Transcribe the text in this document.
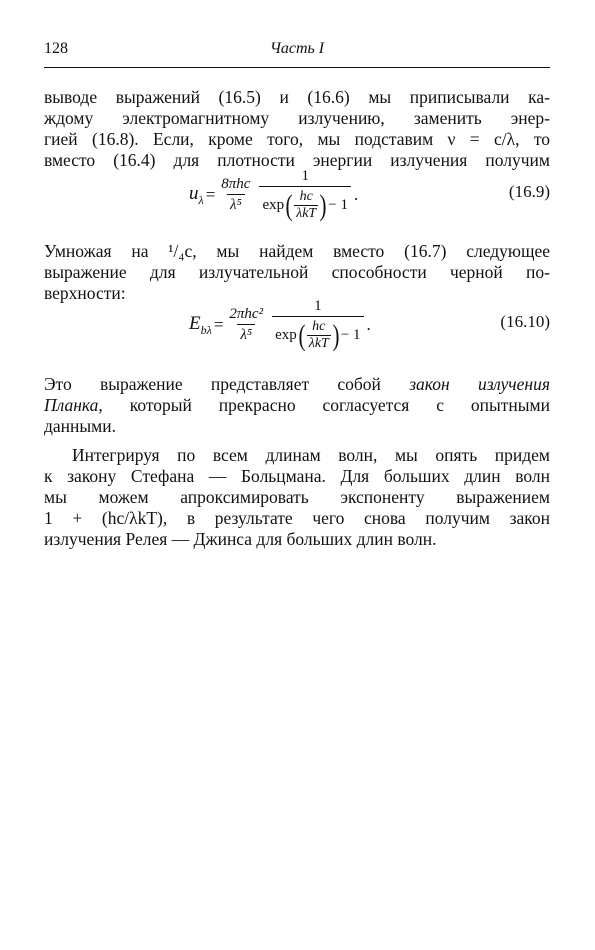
128	Часть I
выводе выражений (16.5) и (16.6) мы приписывали ка-
ждому электромагнитному излучению, заменить энер-
гией (16.8). Если, кроме того, мы подставим ν = c/λ, то
вместо (16.4) для плотности энергии излучения получим
$u_\lambda = \frac{\text{8πhc}}{\text{λ⁵}}$	1
exp ( hc
λkT ) − 1
.	(16.9)
Умножая на ¹/₄c, мы найдем вместо (16.7) следующее
выражение для излучательной способности черной по-
верхности:
$E_{b\lambda} = \frac{\text{2πhc²}}{\text{λ⁵}}$	1
exp ( hc
λkT ) − 1
.	(16.10)
Это выражение представляет собой закон излучения
Планка, который прекрасно согласуется с опытными
данными.
Интегрируя по всем длинам волн, мы опять придем
к закону Стефана — Больцмана. Для больших длин волн
мы можем апроксимировать экспоненту выражением
1 + (hc/λkT), в результате чего снова получим закон
излучения Релея — Джинса для больших длин волн.
